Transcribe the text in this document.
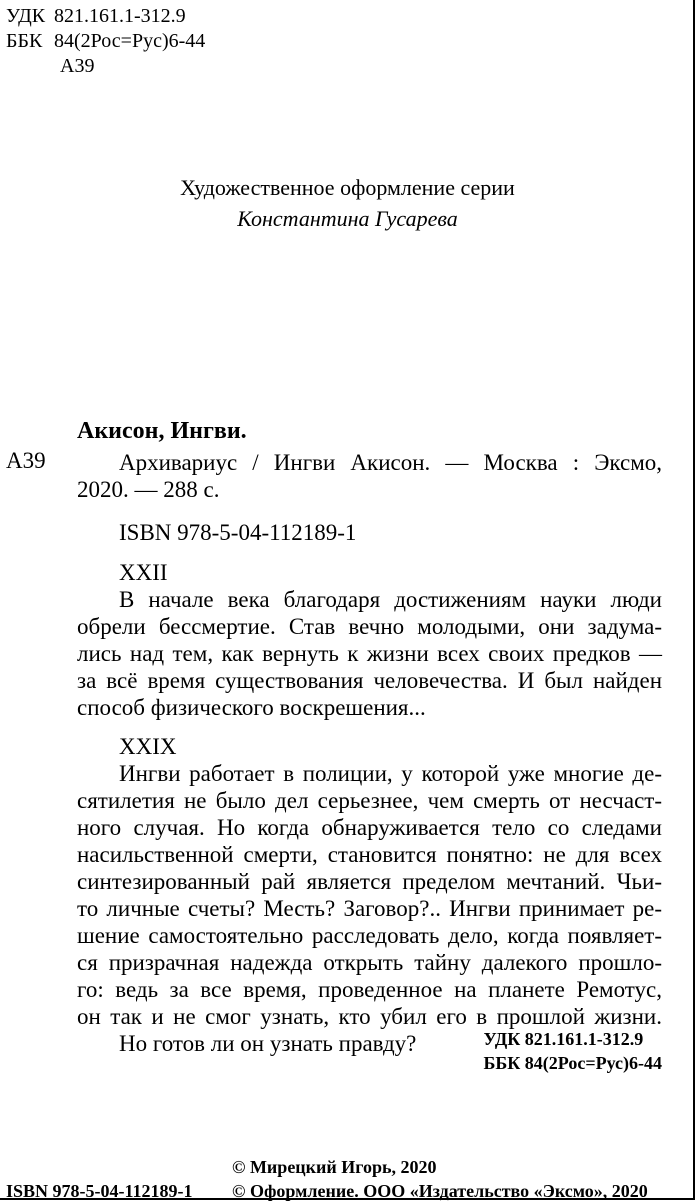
УДК 821.161.1-312.9
ББК 84(2Рос=Рус)6-44
А39
Художественное оформление серии
Константина Гусарева
Акисон, Ингви.
А39	Архивариус / Ингви Акисон. — Москва : Эксмо,
2020. — 288 с.
ISBN 978-5-04-112189-1
XXII
В начале века благодаря достижениям науки люди
обрели бессмертие. Став вечно молодыми, они задума-
лись над тем, как вернуть к жизни всех своих предков —
за всё время существования человечества. И был найден
способ физического воскрешения...
XXIX
Ингви работает в полиции, у которой уже многие де-
сятилетия не было дел серьезнее, чем смерть от несчаст-
ного случая. Но когда обнаруживается тело со следами
насильственной смерти, становится понятно: не для всех
синтезированный рай является пределом мечтаний. Чьи-
то личные счеты? Месть? Заговор?.. Ингви принимает ре-
шение самостоятельно расследовать дело, когда появляет-
ся призрачная надежда открыть тайну далекого прошло-
го: ведь за все время, проведенное на планете Ремотус,
он так и не смог узнать, кто убил его в прошлой жизни.
Но готов ли он узнать правду?	УДК 821.161.1-312.9
ББК 84(2Рос=Рус)6-44
© Мирецкий Игорь, 2020
© Оформление. ООО «Издательство «Эксмо», 2020
ISBN 978-5-04-112189-1
